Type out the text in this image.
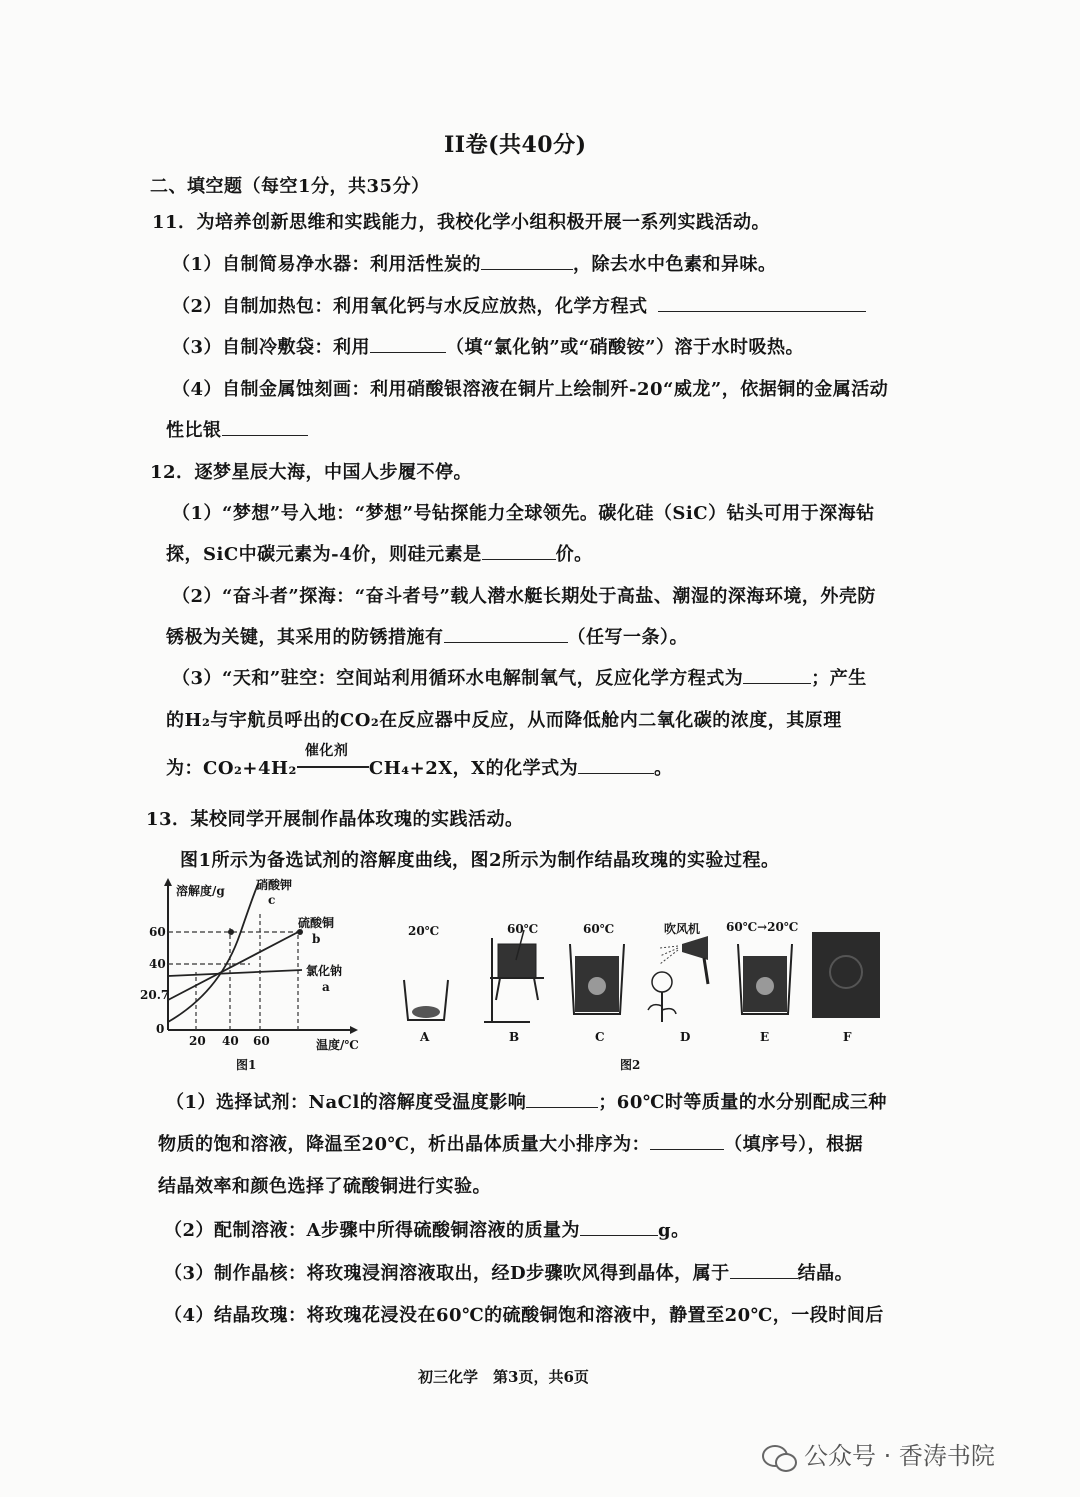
II卷(共40分)
二、填空题（每空1分，共35分）
11．为培养创新思维和实践能力，我校化学小组积极开展一系列实践活动。
（1）自制简易净水器：利用活性炭的	，除去水中色素和异味。
（2）自制加热包：利用氧化钙与水反应放热，化学方程式
（3）自制冷敷袋：利用	（填“氯化钠”或“硝酸铵”）溶于水时吸热。
（4）自制金属蚀刻画：利用硝酸银溶液在铜片上绘制歼-20“威龙”，依据铜的金属活动
性比银
12．逐梦星辰大海，中国人步履不停。
（1）“梦想”号入地：“梦想”号钻探能力全球领先。碳化硅（SiC）钻头可用于深海钻
探，SiC中碳元素为-4价，则硅元素是	价。
（2）“奋斗者”探海：“奋斗者号”载人潜水艇长期处于高盐、潮湿的深海环境，外壳防
锈极为关键，其采用的防锈措施有	（任写一条）。
（3）“天和”驻空：空间站利用循环水电解制氧气，反应化学方程式为	；产生
的H₂与宇航员呼出的CO₂在反应器中反应，从而降低舱内二氧化碳的浓度，其原理
为：CO₂+4H₂
催化剂
CH₄+2X，X的化学式为	。
13．某校同学开展制作晶体玫瑰的实践活动。
图1所示为备选试剂的溶解度曲线，图2所示为制作结晶玫瑰的实验过程。
溶解度/g
60
40
20.7
0
20 40 60	温度/℃
硝酸钾
c
硫酸铜
b
氯化钠
a
图1
20℃	60℃	60℃	吹风机 60℃→20℃
A	B	C	D	E	F
图2
（1）选择试剂：NaCl的溶解度受温度影响	；60℃时等质量的水分别配成三种
物质的饱和溶液，降温至20℃，析出晶体质量大小排序为：	（填序号），根据
结晶效率和颜色选择了硫酸铜进行实验。
（2）配制溶液：A步骤中所得硫酸铜溶液的质量为	g。
（3）制作晶核：将玫瑰浸润溶液取出，经D步骤吹风得到晶体，属于	结晶。
（4）结晶玫瑰：将玫瑰花浸没在60℃的硫酸铜饱和溶液中，静置至20℃，一段时间后
初三化学　第3页，共6页
公众号 · 香涛书院
